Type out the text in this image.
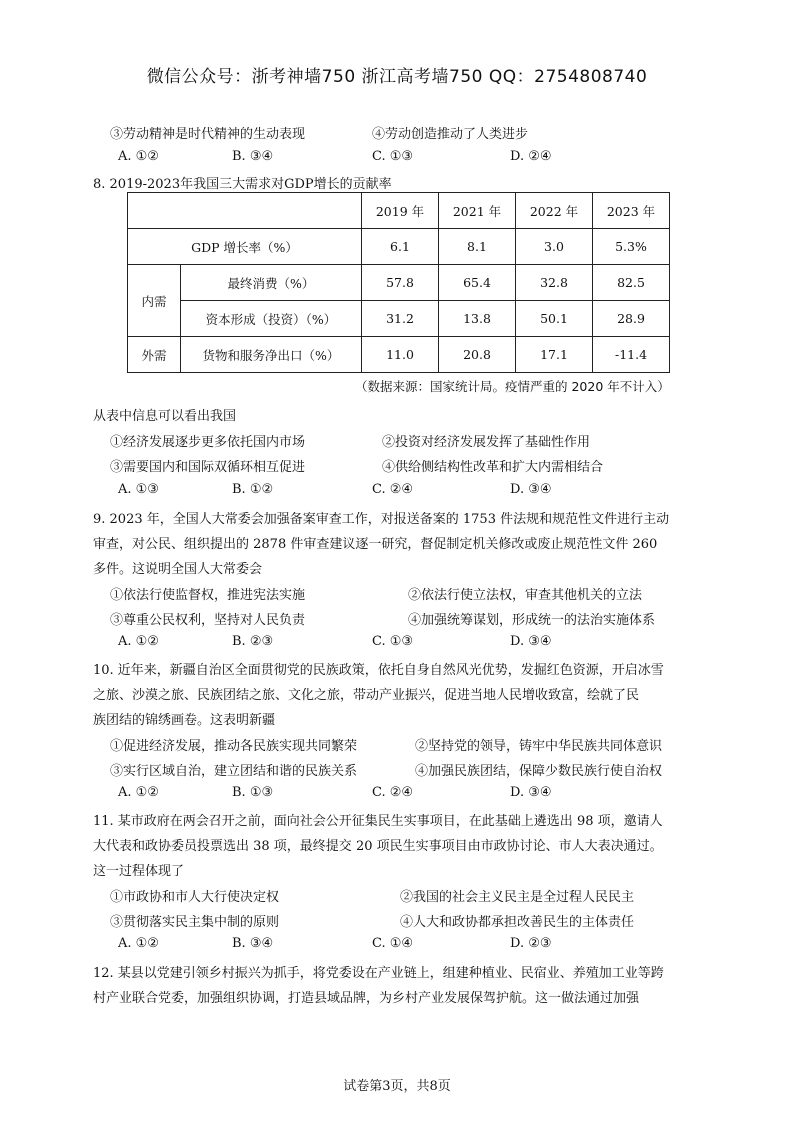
微信公众号：浙考神墙750 浙江高考墙750 QQ：2754808740
③劳动精神是时代精神的生动表现	④劳动创造推动了人类进步
A. ①②	B. ③④	C. ①③	D. ②④
8. 2019-2023年我国三大需求对GDP增长的贡献率
		2019 年	2021 年	2022 年	2023 年
GDP 增长率（%）		6.1	8.1	3.0	5.3%
内需	最终消费（%）	57.8	65.4	32.8	82.5
	资本形成（投资）（%）	31.2	13.8	50.1	28.9
外需	货物和服务净出口（%）	11.0	20.8	17.1	-11.4
（数据来源：国家统计局。疫情严重的 2020 年不计入）
从表中信息可以看出我国
①经济发展逐步更多依托国内市场	②投资对经济发展发挥了基础性作用
③需要国内和国际双循环相互促进	④供给侧结构性改革和扩大内需相结合
A. ①③	B. ①②	C. ②④	D. ③④
9. 2023 年，全国人大常委会加强备案审查工作，对报送备案的 1753 件法规和规范性文件进行主动
审查，对公民、组织提出的 2878 件审查建议逐一研究，督促制定机关修改或废止规范性文件 260
多件。这说明全国人大常委会
①依法行使监督权，推进宪法实施	②依法行使立法权，审查其他机关的立法
③尊重公民权利，坚持对人民负责	④加强统筹谋划，形成统一的法治实施体系
A. ①②	B. ②③	C. ①③	D. ③④
10. 近年来，新疆自治区全面贯彻党的民族政策，依托自身自然风光优势，发掘红色资源，开启冰雪
之旅、沙漠之旅、民族团结之旅、文化之旅，带动产业振兴，促进当地人民增收致富，绘就了民
族团结的锦绣画卷。这表明新疆
①促进经济发展，推动各民族实现共同繁荣	②坚持党的领导，铸牢中华民族共同体意识
③实行区域自治，建立团结和谐的民族关系	④加强民族团结，保障少数民族行使自治权
A. ①②	B. ①③	C. ②④	D. ③④
11. 某市政府在两会召开之前，面向社会公开征集民生实事项目，在此基础上遴选出 98 项，邀请人
大代表和政协委员投票选出 38 项，最终提交 20 项民生实事项目由市政协讨论、市人大表决通过。
这一过程体现了
①市政协和市人大行使决定权	②我国的社会主义民主是全过程人民民主
③贯彻落实民主集中制的原则	④人大和政协都承担改善民生的主体责任
A. ①②	B. ③④	C. ①④	D. ②③
12. 某县以党建引领乡村振兴为抓手，将党委设在产业链上，组建种植业、民宿业、养殖加工业等跨
村产业联合党委，加强组织协调，打造县域品牌，为乡村产业发展保驾护航。这一做法通过加强
试卷第3页，共8页
